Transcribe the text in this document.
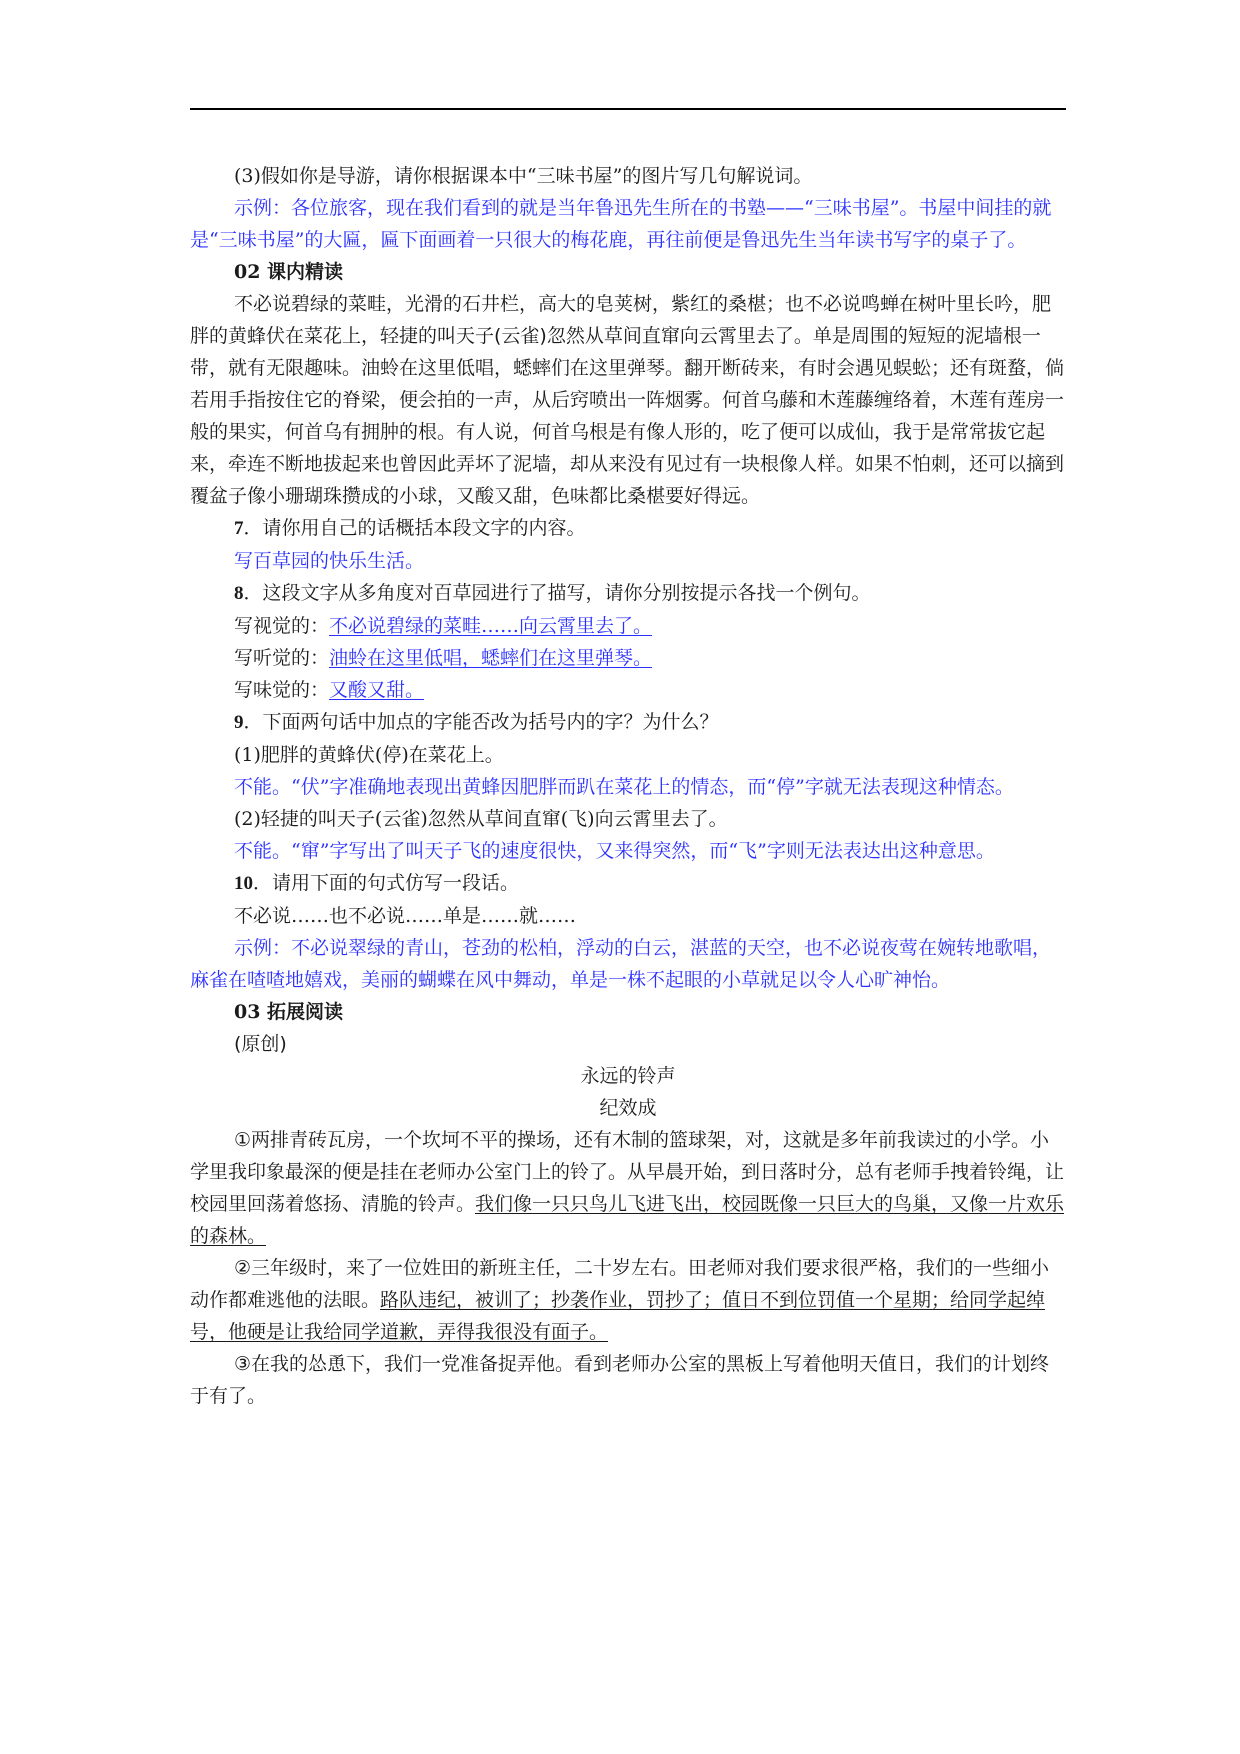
(3)假如你是导游，请你根据课本中“三味书屋”的图片写几句解说词。

示例：各位旅客，现在我们看到的就是当年鲁迅先生所在的书塾——“三味书屋”。书屋中间挂的就是“三味书屋”的大匾，匾下面画着一只很大的梅花鹿，再往前便是鲁迅先生当年读书写字的桌子了。

02 课内精读

不必说碧绿的菜畦，光滑的石井栏，高大的皂荚树，紫红的桑椹；也不必说鸣蝉在树叶里长吟，肥胖的黄蜂伏在菜花上，轻捷的叫天子(云雀)忽然从草间直窜向云霄里去了。单是周围的短短的泥墙根一带，就有无限趣味。油蛉在这里低唱，蟋蟀们在这里弹琴。翻开断砖来，有时会遇见蜈蚣；还有斑蝥，倘若用手指按住它的脊梁，便会拍的一声，从后窍喷出一阵烟雾。何首乌藤和木莲藤缠络着，木莲有莲房一般的果实，何首乌有拥肿的根。有人说，何首乌根是有像人形的，吃了便可以成仙，我于是常常拔它起来，牵连不断地拔起来也曾因此弄坏了泥墙，却从来没有见过有一块根像人样。如果不怕刺，还可以摘到覆盆子像小珊瑚珠攒成的小球，又酸又甜，色味都比桑椹要好得远。

7．请你用自己的话概括本段文字的内容。

写百草园的快乐生活。

8．这段文字从多角度对百草园进行了描写，请你分别按提示各找一个例句。

写视觉的：不必说碧绿的菜畦……向云霄里去了。

写听觉的：油蛉在这里低唱，蟋蟀们在这里弹琴。

写味觉的：又酸又甜。

9．下面两句话中加点的字能否改为括号内的字？为什么？

(1)肥胖的黄蜂伏(停)在菜花上。

不能。“伏”字准确地表现出黄蜂因肥胖而趴在菜花上的情态，而“停”字就无法表现这种情态。

(2)轻捷的叫天子(云雀)忽然从草间直窜(飞)向云霄里去了。

不能。“窜”字写出了叫天子飞的速度很快，又来得突然，而“飞”字则无法表达出这种意思。

10．请用下面的句式仿写一段话。

不必说……也不必说……单是……就……

示例：不必说翠绿的青山，苍劲的松柏，浮动的白云，湛蓝的天空，也不必说夜莺在婉转地歌唱，麻雀在喳喳地嬉戏，美丽的蝴蝶在风中舞动，单是一株不起眼的小草就足以令人心旷神怡。

03 拓展阅读

(原创)

永远的铃声

纪效成

①两排青砖瓦房，一个坎坷不平的操场，还有木制的篮球架，对，这就是多年前我读过的小学。小学里我印象最深的便是挂在老师办公室门上的铃了。从早晨开始，到日落时分，总有老师手拽着铃绳，让校园里回荡着悠扬、清脆的铃声。我们像一只只鸟儿飞进飞出，校园既像一只巨大的鸟巢，又像一片欢乐的森林。

②三年级时，来了一位姓田的新班主任，二十岁左右。田老师对我们要求很严格，我们的一些细小动作都难逃他的法眼。路队违纪，被训了；抄袭作业，罚抄了；值日不到位罚值一个星期；给同学起绰号，他硬是让我给同学道歉，弄得我很没有面子。

③在我的怂恿下，我们一党准备捉弄他。看到老师办公室的黑板上写着他明天值日，我们的计划终于有了。
